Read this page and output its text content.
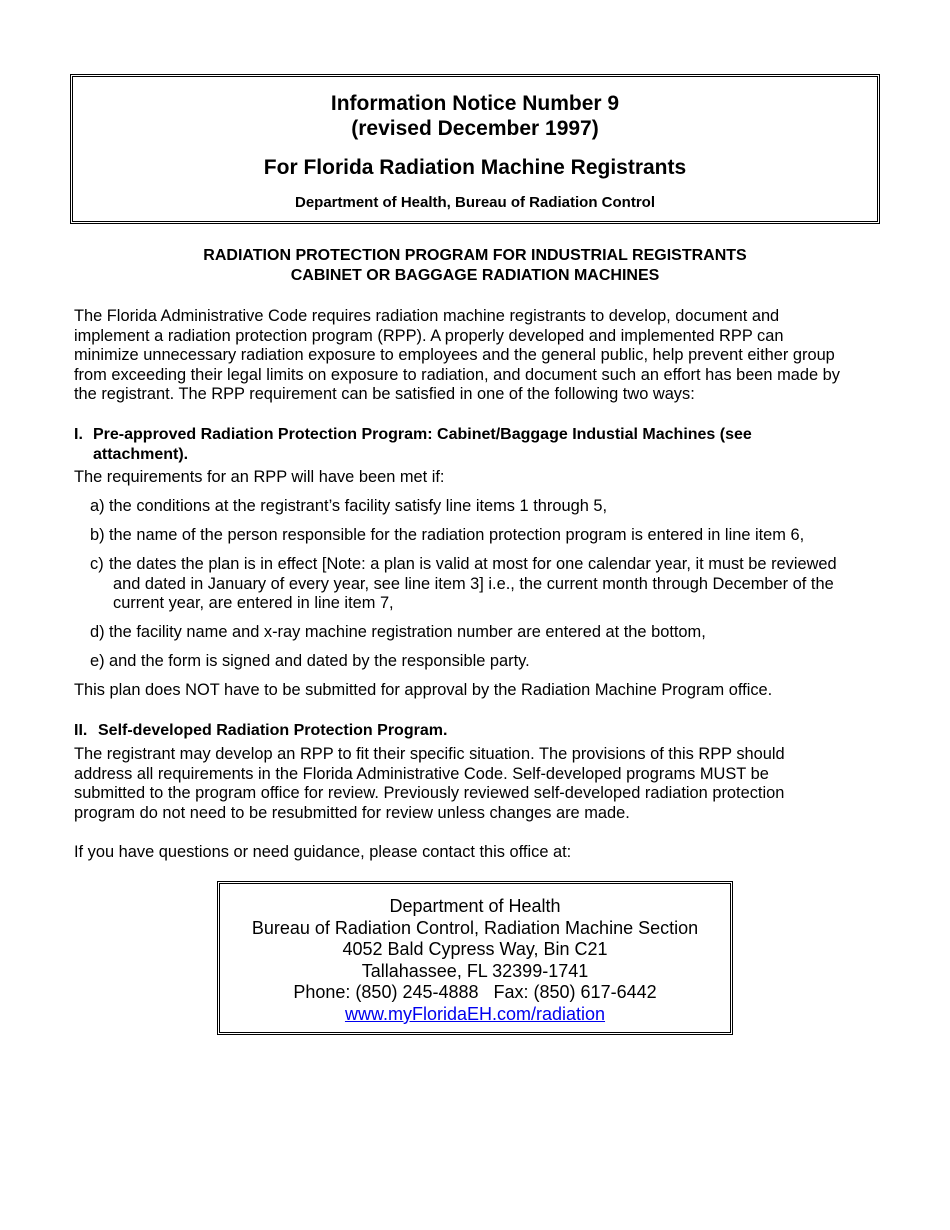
Information Notice Number 9
(revised December 1997)
For Florida Radiation Machine Registrants
Department of Health, Bureau of Radiation Control
RADIATION PROTECTION PROGRAM FOR INDUSTRIAL REGISTRANTS
CABINET OR BAGGAGE RADIATION MACHINES
The Florida Administrative Code requires radiation machine registrants to develop, document and
implement a radiation protection program (RPP). A properly developed and implemented RPP can
minimize unnecessary radiation exposure to employees and the general public, help prevent either group
from exceeding their legal limits on exposure to radiation, and document such an effort has been made by
the registrant. The RPP requirement can be satisfied in one of the following two ways:
I. Pre-approved Radiation Protection Program: Cabinet/Baggage Industial Machines (see
attachment).
The requirements for an RPP will have been met if:
a) the conditions at the registrant’s facility satisfy line items 1 through 5,
b) the name of the person responsible for the radiation protection program is entered in line item 6,
c) the dates the plan is in effect [Note: a plan is valid at most for one calendar year, it must be reviewed
and dated in January of every year, see line item 3] i.e., the current month through December of the
current year, are entered in line item 7,
d) the facility name and x-ray machine registration number are entered at the bottom,
e) and the form is signed and dated by the responsible party.
This plan does NOT have to be submitted for approval by the Radiation Machine Program office.
II. Self-developed Radiation Protection Program.
The registrant may develop an RPP to fit their specific situation. The provisions of this RPP should
address all requirements in the Florida Administrative Code. Self-developed programs MUST be
submitted to the program office for review. Previously reviewed self-developed radiation protection
program do not need to be resubmitted for review unless changes are made.
If you have questions or need guidance, please contact this office at:
Department of Health
Bureau of Radiation Control, Radiation Machine Section
4052 Bald Cypress Way, Bin C21
Tallahassee, FL 32399-1741
Phone: (850) 245-4888   Fax: (850) 617-6442
www.myFloridaEH.com/radiation
